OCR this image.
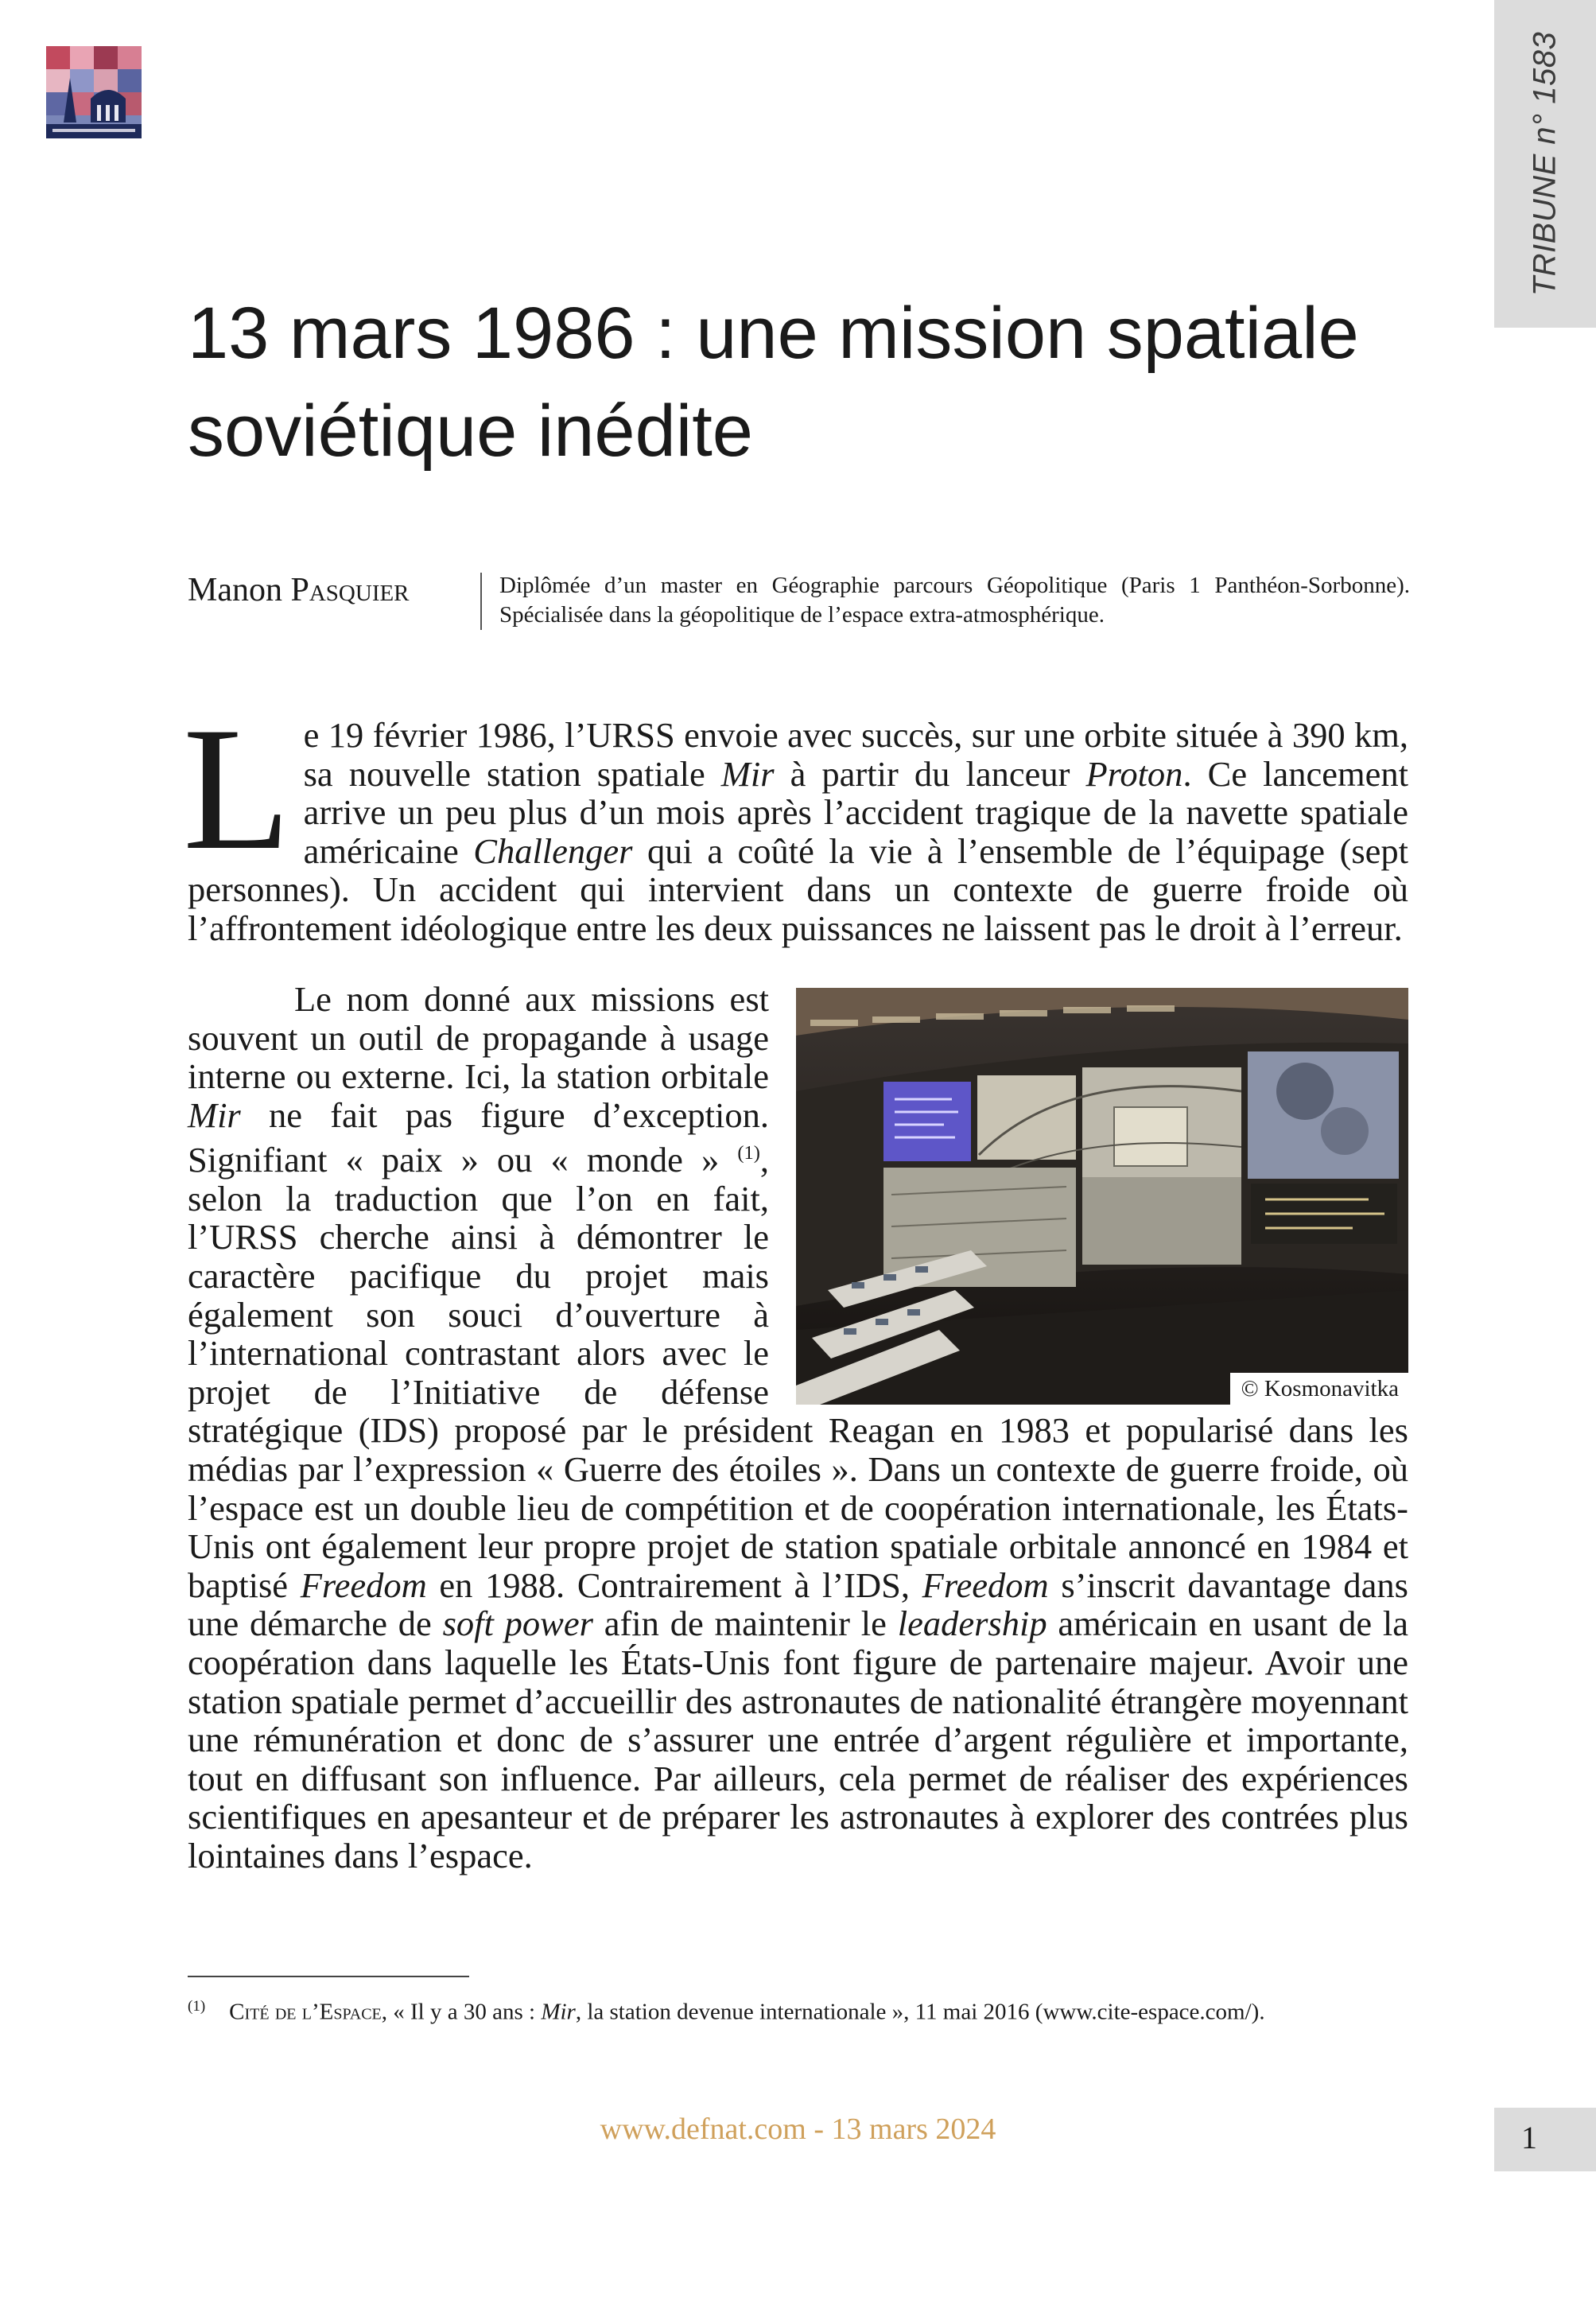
TRIBUNE n° 1583
13 mars 1986 : une mission spatiale soviétique inédite
Manon Pasquier	Diplômée d’un master en Géographie parcours Géopolitique (Paris 1 Panthéon-Sorbonne). Spécialisée dans la géopolitique de l’espace extra-atmosphérique.

Le 19 février 1986, l’URSS envoie avec succès, sur une orbite située à 390 km, sa nouvelle station spatiale Mir à partir du lanceur Proton. Ce lancement arrive un peu plus d’un mois après l’accident tragique de la navette spatiale américaine Challenger qui a coûté la vie à l’ensemble de l’équipage (sept personnes). Un accident qui intervient dans un contexte de guerre froide où l’affrontement idéologique entre les deux puissances ne laissent pas le droit à l’erreur.

© Kosmonavitka
Le nom donné aux missions est souvent un outil de propagande à usage interne ou externe. Ici, la station orbitale Mir ne fait pas figure d’exception. Signifiant « paix » ou « monde » $^{(1)}$, selon la traduction que l’on en fait, l’URSS cherche ainsi à démontrer le caractère pacifique du projet mais également son souci d’ouverture à l’international contrastant alors avec le projet de l’Initiative de défense stratégique (IDS) proposé par le président Reagan en 1983 et popularisé dans les médias par l’expression « Guerre des étoiles ». Dans un contexte de guerre froide, où l’espace est un double lieu de compétition et de coopération internationale, les États-Unis ont également leur propre projet de station spatiale orbitale annoncé en 1984 et baptisé Freedom en 1988. Contrairement à l’IDS, Freedom s’inscrit davantage dans une démarche de soft power afin de maintenir le leadership américain en usant de la coopération dans laquelle les États-Unis font figure de partenaire majeur. Avoir une station spatiale permet d’accueillir des astronautes de nationalité étrangère moyennant une rémunération et donc de s’assurer une entrée d’argent régulière et importante, tout en diffusant son influence. Par ailleurs, cela permet de réaliser des expériences scientifiques en apesanteur et de préparer les astronautes à explorer des contrées plus lointaines dans l’espace.

$^{(1)}$ Cité de l’Espace, « Il y a 30 ans : Mir, la station devenue internationale », 11 mai 2016 (www.cite-espace.com/).
www.defnat.com - 13 mars 2024	1
